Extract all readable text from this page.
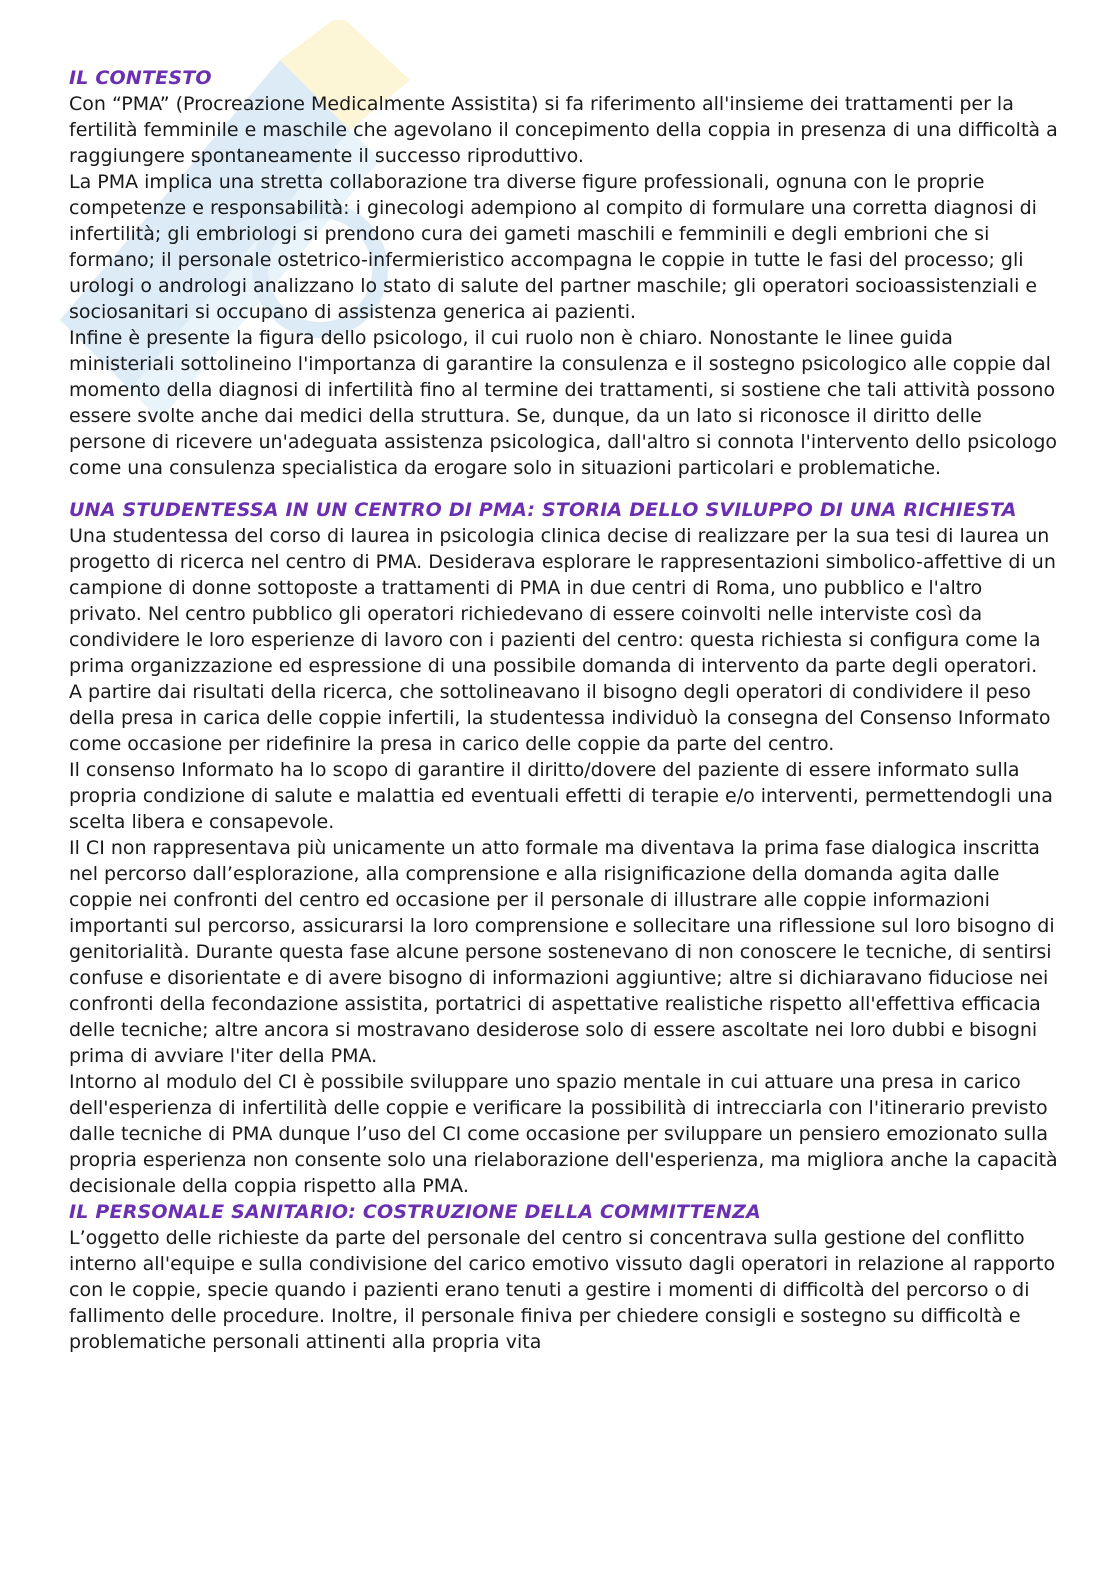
IL CONTESTO

Con “PMA” (Procreazione Medicalmente Assistita) si fa riferimento all'insieme dei trattamenti per la fertilità femminile e maschile che agevolano il concepimento della coppia in presenza di una difficoltà a raggiungere spontaneamente il successo riproduttivo.

La PMA implica una stretta collaborazione tra diverse figure professionali, ognuna con le proprie competenze e responsabilità: i ginecologi adempiono al compito di formulare una corretta diagnosi di infertilità; gli embriologi si prendono cura dei gameti maschili e femminili e degli embrioni che si formano; il personale ostetrico-infermieristico accompagna le coppie in tutte le fasi del processo; gli urologi o andrologi analizzano lo stato di salute del partner maschile; gli operatori socioassistenziali e sociosanitari si occupano di assistenza generica ai pazienti.

Infine è presente la figura dello psicologo, il cui ruolo non è chiaro. Nonostante le linee guida ministeriali sottolineino l'importanza di garantire la consulenza e il sostegno psicologico alle coppie dal momento della diagnosi di infertilità fino al termine dei trattamenti, si sostiene che tali attività possono essere svolte anche dai medici della struttura. Se, dunque, da un lato si riconosce il diritto delle persone di ricevere un'adeguata assistenza psicologica, dall'altro si connota l'intervento dello psicologo come una consulenza specialistica da erogare solo in situazioni particolari e problematiche.

UNA STUDENTESSA IN UN CENTRO DI PMA: STORIA DELLO SVILUPPO DI UNA RICHIESTA

Una studentessa del corso di laurea in psicologia clinica decise di realizzare per la sua tesi di laurea un progetto di ricerca nel centro di PMA. Desiderava esplorare le rappresentazioni simbolico-affettive di un campione di donne sottoposte a trattamenti di PMA in due centri di Roma, uno pubblico e l'altro privato. Nel centro pubblico gli operatori richiedevano di essere coinvolti nelle interviste così da condividere le loro esperienze di lavoro con i pazienti del centro: questa richiesta si configura come la prima organizzazione ed espressione di una possibile domanda di intervento da parte degli operatori.

A partire dai risultati della ricerca, che sottolineavano il bisogno degli operatori di condividere il peso della presa in carica delle coppie infertili, la studentessa individuò la consegna del Consenso Informato come occasione per ridefinire la presa in carico delle coppie da parte del centro.

Il consenso Informato ha lo scopo di garantire il diritto/dovere del paziente di essere informato sulla propria condizione di salute e malattia ed eventuali effetti di terapie e/o interventi, permettendogli una scelta libera e consapevole.

Il CI non rappresentava più unicamente un atto formale ma diventava la prima fase dialogica inscritta nel percorso dall’esplorazione, alla comprensione e alla risignificazione della domanda agita dalle coppie nei confronti del centro ed occasione per il personale di illustrare alle coppie informazioni importanti sul percorso, assicurarsi la loro comprensione e sollecitare una riflessione sul loro bisogno di genitorialità. Durante questa fase alcune persone sostenevano di non conoscere le tecniche, di sentirsi confuse e disorientate e di avere bisogno di informazioni aggiuntive; altre si dichiaravano fiduciose nei confronti della fecondazione assistita, portatrici di aspettative realistiche rispetto all'effettiva efficacia delle tecniche; altre ancora si mostravano desiderose solo di essere ascoltate nei loro dubbi e bisogni prima di avviare l'iter della PMA.

Intorno al modulo del CI è possibile sviluppare uno spazio mentale in cui attuare una presa in carico dell'esperienza di infertilità delle coppie e verificare la possibilità di intrecciarla con l'itinerario previsto dalle tecniche di PMA dunque l’uso del CI come occasione per sviluppare un pensiero emozionato sulla propria esperienza non consente solo una rielaborazione dell'esperienza, ma migliora anche la capacità decisionale della coppia rispetto alla PMA.

IL PERSONALE SANITARIO: COSTRUZIONE DELLA COMMITTENZA

L’oggetto delle richieste da parte del personale del centro si concentrava sulla gestione del conflitto interno all'equipe e sulla condivisione del carico emotivo vissuto dagli operatori in relazione al rapporto con le coppie, specie quando i pazienti erano tenuti a gestire i momenti di difficoltà del percorso o di fallimento delle procedure. Inoltre, il personale finiva per chiedere consigli e sostegno su difficoltà e problematiche personali attinenti alla propria vita
